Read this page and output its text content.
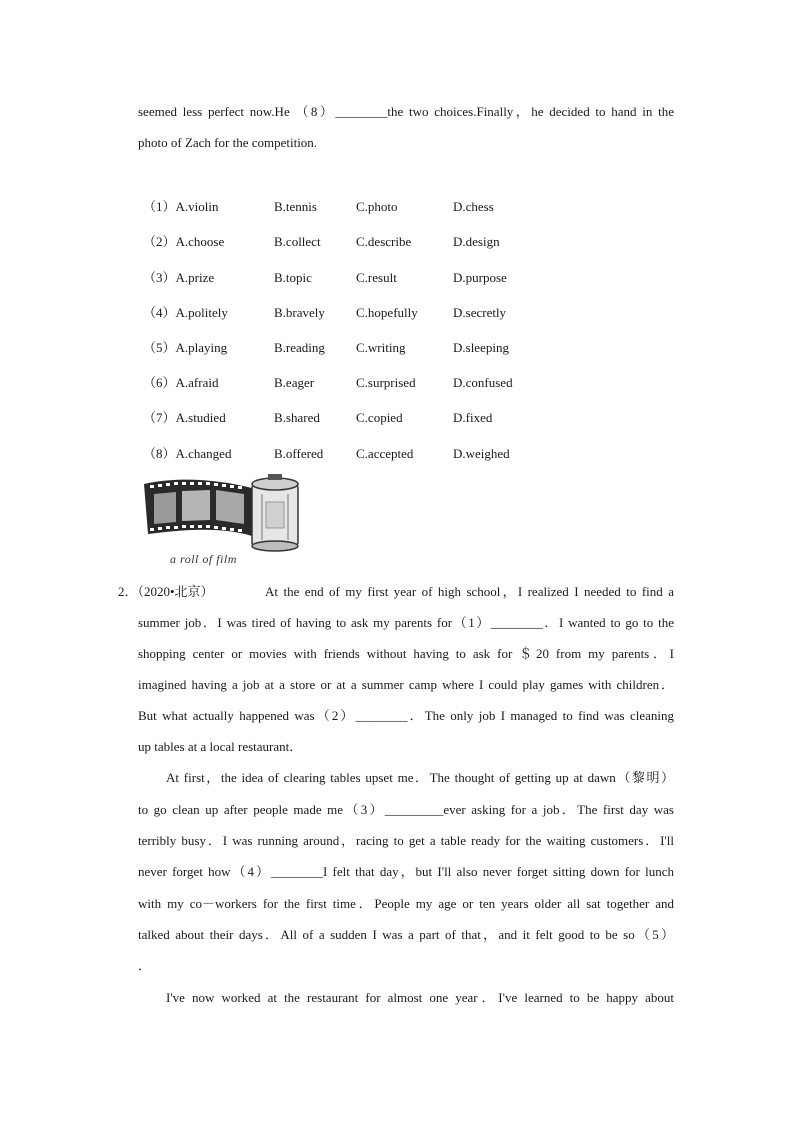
seemed less perfect now.He （8）________the two choices.Finally，he decided to hand in the
photo of Zach for the competition.
（1）A.violin	B.tennis	C.photo	D.chess
（2）A.choose	B.collect	C.describe	D.design
（3）A.prize	B.topic	C.result	D.purpose
（4）A.politely	B.bravely C.hopefully	D.secretly
（5）A.playing	B.reading C.writing	D.sleeping
（6）A.afraid	B.eager	C.surprised	D.confused
（7）A.studied	B.shared	C.copied	D.fixed
（8）A.changed	B.offered	C.accepted	D.weighed
a roll of film
2．（2020•北京）	At the end of my first year of high school，I realized I needed to find a
summer job．I was tired of having to ask my parents for（1）________．I wanted to go to the
shopping center or movies with friends without having to ask for ＄20 from my parents．I
imagined having a job at a store or at a summer camp where I could play games with children．
But what actually happened was（2）________．The only job I managed to find was cleaning
up tables at a local restaurant．
At first，the idea of clearing tables upset me．The thought of getting up at dawn（黎明）
to go clean up after people made me（3）_________ever asking for a job．The first day was
terribly busy．I was running around，racing to get a table ready for the waiting customers．I'll
never forget how（4）________I felt that day，but I'll also never forget sitting down for lunch
with my co－workers for the first time．People my age or ten years older all sat together and
talked about their days．All of a sudden I was a part of that，and it felt good to be so（5）
．
I've now worked at the restaurant for almost one year．I've learned to be happy about
